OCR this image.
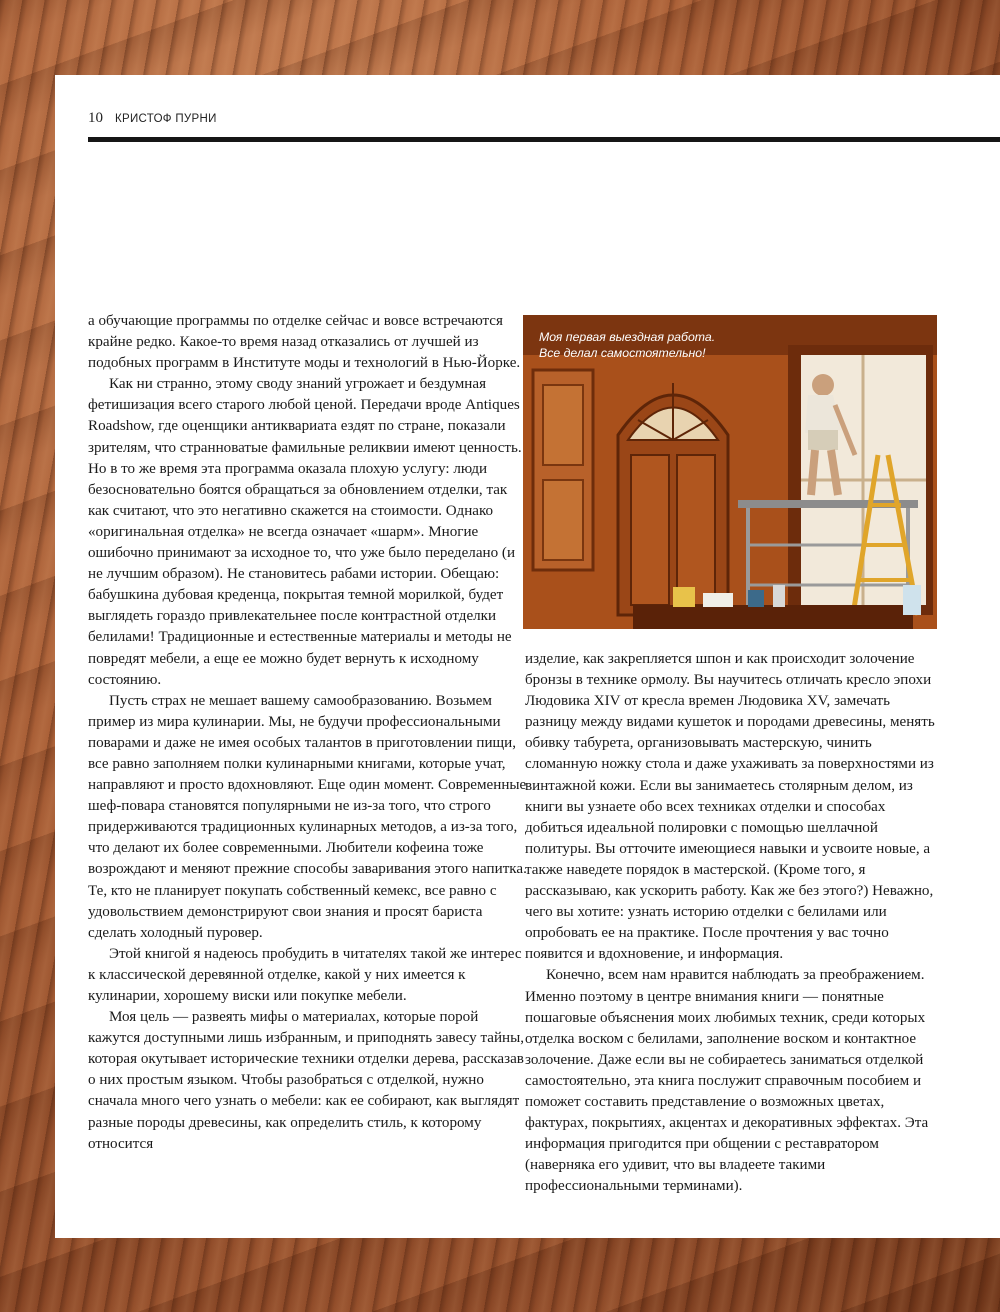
10 КРИСТОФ ПУРНИ

а обучающие программы по отделке сейчас и вовсе встречаются крайне редко. Какое-то время назад отказались от лучшей из подобных программ в Институте моды и технологий в Нью-Йорке.

Как ни странно, этому своду знаний угрожает и бездумная фетишизация всего старого любой ценой. Передачи вроде Antiques Roadshow, где оценщики антиквариата ездят по стране, показали зрителям, что странноватые фамильные реликвии имеют ценность. Но в то же время эта программа оказала плохую услугу: люди безосновательно боятся обращаться за обновлением отделки, так как считают, что это негативно скажется на стоимости. Однако «оригинальная отделка» не всегда означает «шарм». Многие ошибочно принимают за исходное то, что уже было переделано (и не лучшим образом). Не становитесь рабами истории. Обещаю: бабушкина дубовая креденца, покрытая темной морилкой, будет выглядеть гораздо привлекательнее после контрастной отделки белилами! Традиционные и естественные материалы и методы не повредят мебели, а еще ее можно будет вернуть к исходному состоянию.

Пусть страх не мешает вашему самообразованию. Возьмем пример из мира кулинарии. Мы, не будучи профессиональными поварами и даже не имея особых талантов в приготовлении пищи, все равно заполняем полки кулинарными книгами, которые учат, направляют и просто вдохновляют. Еще один момент. Современные шеф-повара становятся популярными не из-за того, что строго придерживаются традиционных кулинарных методов, а из-за того, что делают их более современными. Любители кофеина тоже возрождают и меняют прежние способы заваривания этого напитка. Те, кто не планирует покупать собственный кемекс, все равно с удовольствием демонстрируют свои знания и просят бариста сделать холодный пуровер.

Этой книгой я надеюсь пробудить в читателях такой же интерес к классической деревянной отделке, какой у них имеется к кулинарии, хорошему виски или покупке мебели.

Моя цель — развеять мифы о материалах, которые порой кажутся доступными лишь избранным, и приподнять завесу тайны, которая окутывает исторические техники отделки дерева, рассказав о них простым языком. Чтобы разобраться с отделкой, нужно сначала много чего узнать о мебели: как ее собирают, как выглядят разные породы древесины, как определить стиль, к которому относится

Моя первая выездная работа.
Все делал самостоятельно!

изделие, как закрепляется шпон и как происходит золочение бронзы в технике ормолу. Вы научитесь отличать кресло эпохи Людовика XIV от кресла времен Людовика XV, замечать разницу между видами кушеток и породами древесины, менять обивку табурета, организовывать мастерскую, чинить сломанную ножку стола и даже ухаживать за поверхностями из винтажной кожи. Если вы занимаетесь столярным делом, из книги вы узнаете обо всех техниках отделки и способах добиться идеальной полировки с помощью шеллачной политуры. Вы отточите имеющиеся навыки и усвоите новые, а также наведете порядок в мастерской. (Кроме того, я рассказываю, как ускорить работу. Как же без этого?) Неважно, чего вы хотите: узнать историю отделки с белилами или опробовать ее на практике. После прочтения у вас точно появится и вдохновение, и информация.

Конечно, всем нам нравится наблюдать за преображением. Именно поэтому в центре внимания книги — понятные пошаговые объяснения моих любимых техник, среди которых отделка воском с белилами, заполнение воском и контактное золочение. Даже если вы не собираетесь заниматься отделкой самостоятельно, эта книга послужит справочным пособием и поможет составить представление о возможных цветах, фактурах, покрытиях, акцентах и декоративных эффектах. Эта информация пригодится при общении с реставратором (наверняка его удивит, что вы владеете такими профессиональными терминами).
